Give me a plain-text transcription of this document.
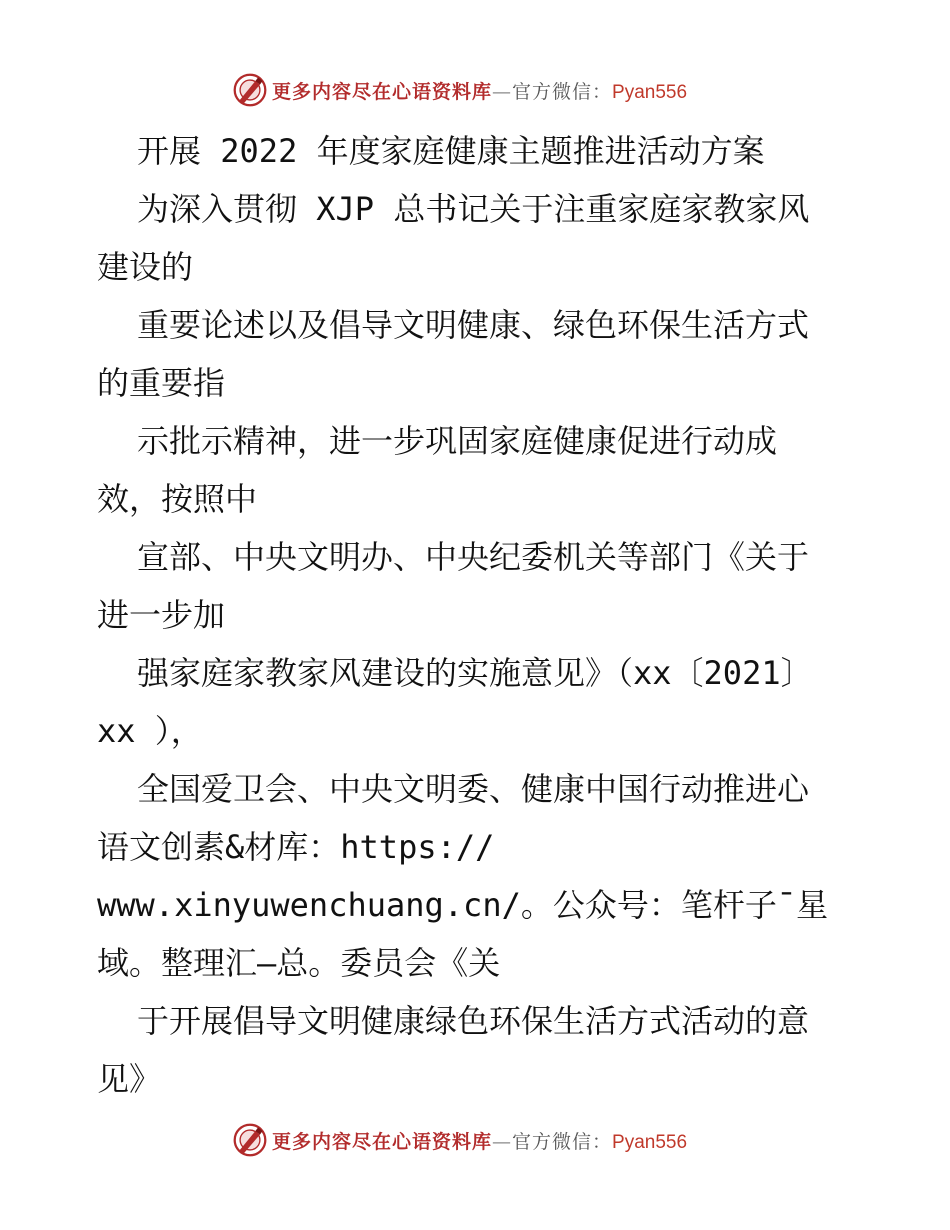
更多内容尽在心语资料库—官方微信：Pyan556
开展 2022 年度家庭健康主题推进活动方案
为深入贯彻 XJP 总书记关于注重家庭家教家风
建设的
重要论述以及倡导文明健康、绿色环保生活方式
的重要指
示批示精神，进一步巩固家庭健康促进行动成
效，按照中
宣部、中央文明办、中央纪委机关等部门《关于
进一步加
强家庭家教家风建设的实施意见》（xx〔2021〕
xx ），
全国爱卫会、中央文明委、健康中国行动推进心
语文创素&材库：https://
www.xinyuwenchuang.cn/。公众号：笔杆子¯星
域。整理汇—总。委员会《关
于开展倡导文明健康绿色环保生活方式活动的意
见》
更多内容尽在心语资料库—官方微信：Pyan556
